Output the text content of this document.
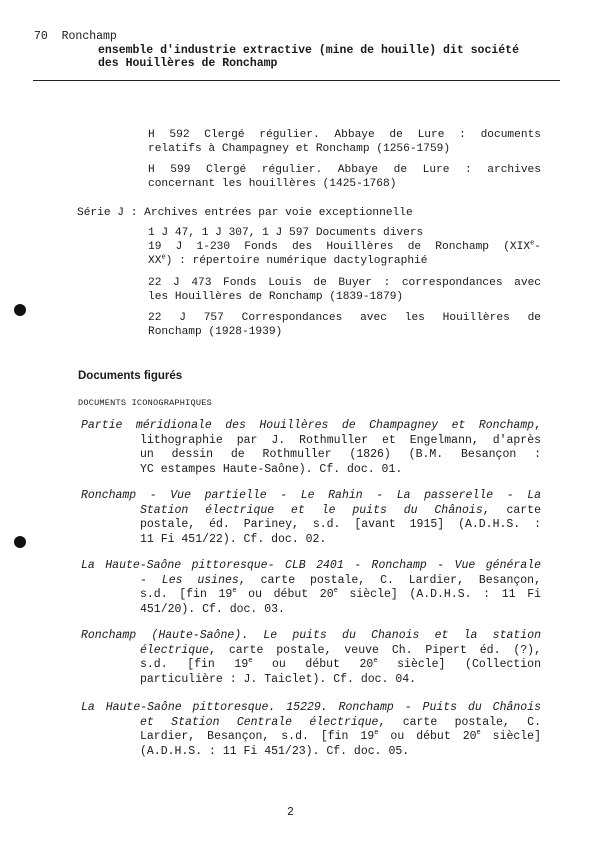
70 Ronchamp
ensemble d'industrie extractive (mine de houille) dit société
des Houillères de Ronchamp
H 592 Clergé régulier. Abbaye de Lure : documents
relatifs à Champagney et Ronchamp (1256-1759)
H 599 Clergé régulier. Abbaye de Lure : archives
concernant les houillères (1425-1768)
Série J : Archives entrées par voie exceptionnelle
1 J 47, 1 J 307, 1 J 597 Documents divers
19 J 1-230 Fonds des Houillères de Ronchamp (XIXe-
XXe) : répertoire numérique dactylographié
22 J 473 Fonds Louis de Buyer : correspondances avec
les Houillères de Ronchamp (1839-1879)
22 J 757 Correspondances avec les Houillères de
Ronchamp (1928-1939)
Documents figurés
DOCUMENTS ICONOGRAPHIQUES
Partie méridionale des Houillères de Champagney et Ronchamp,
lithographie par J. Rothmuller et Engelmann, d'après
un dessin de Rothmuller (1826) (B.M. Besançon :
YC estampes Haute-Saône). Cf. doc. 01.
Ronchamp - Vue partielle - Le Rahin - La passerelle - La
Station électrique et le puits du Chânois, carte
postale, éd. Pariney, s.d. [avant 1915] (A.D.H.S. :
11 Fi 451/22). Cf. doc. 02.
La Haute-Saône pittoresque- CLB 2401 - Ronchamp - Vue générale
- Les usines, carte postale, C. Lardier, Besançon,
s.d. [fin 19e ou début 20e siècle] (A.D.H.S. : 11 Fi
451/20). Cf. doc. 03.
Ronchamp (Haute-Saône). Le puits du Chanois et la station
électrique, carte postale, veuve Ch. Pipert éd. (?),
s.d. [fin 19e ou début 20e siècle] (Collection
particulière : J. Taiclet). Cf. doc. 04.
La Haute-Saône pittoresque. 15229. Ronchamp - Puits du Chânois
et Station Centrale électrique, carte postale, C.
Lardier, Besançon, s.d. [fin 19e ou début 20e siècle]
(A.D.H.S. : 11 Fi 451/23). Cf. doc. 05.
2
